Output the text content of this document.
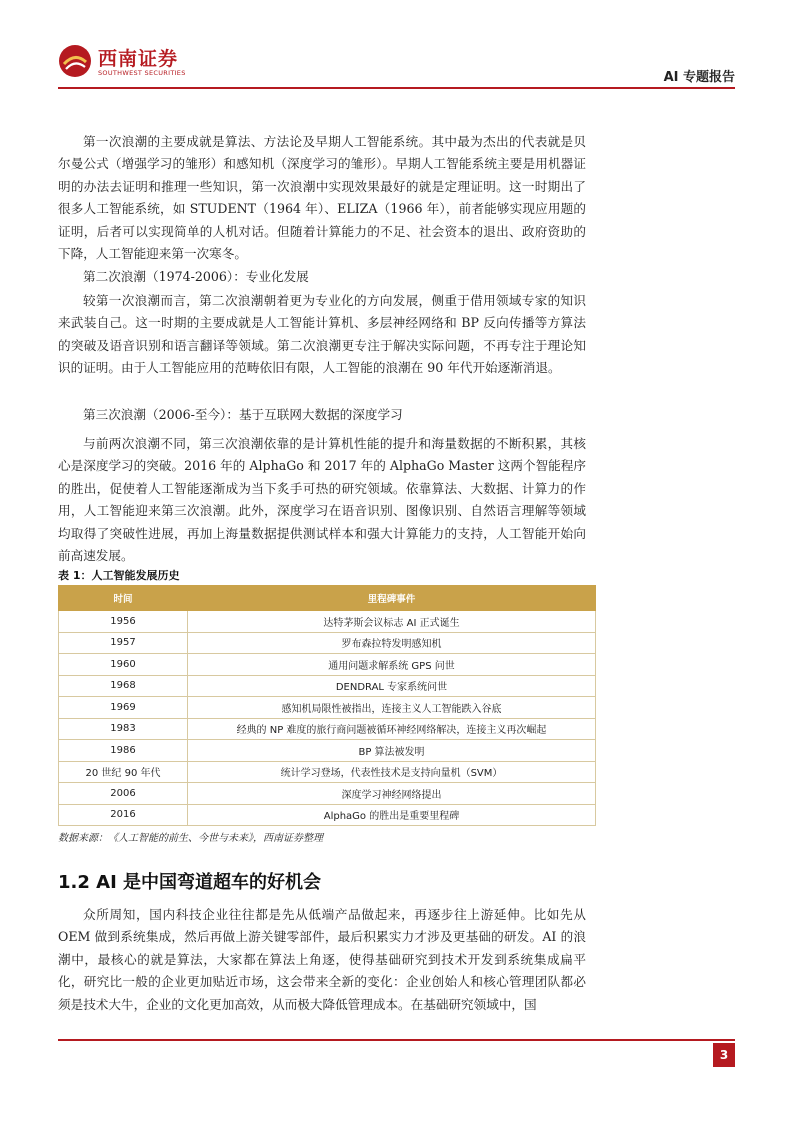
西南证券
SOUTHWEST SECURITIES	AI 专题报告

第一次浪潮的主要成就是算法、方法论及早期人工智能系统。其中最为杰出的代表就是贝尔曼公式（增强学习的雏形）和感知机（深度学习的雏形）。早期人工智能系统主要是用机器证明的办法去证明和推理一些知识，第一次浪潮中实现效果最好的就是定理证明。这一时期出了很多人工智能系统，如 STUDENT（1964 年）、ELIZA（1966 年），前者能够实现应用题的证明，后者可以实现简单的人机对话。但随着计算能力的不足、社会资本的退出、政府资助的下降，人工智能迎来第一次寒冬。

第二次浪潮（1974-2006）：专业化发展

较第一次浪潮而言，第二次浪潮朝着更为专业化的方向发展，侧重于借用领域专家的知识来武装自己。这一时期的主要成就是人工智能计算机、多层神经网络和 BP 反向传播等方算法的突破及语音识别和语言翻译等领域。第二次浪潮更专注于解决实际问题，不再专注于理论知识的证明。由于人工智能应用的范畴依旧有限，人工智能的浪潮在 90 年代开始逐渐消退。

第三次浪潮（2006-至今）：基于互联网大数据的深度学习

与前两次浪潮不同，第三次浪潮依靠的是计算机性能的提升和海量数据的不断积累，其核心是深度学习的突破。2016 年的 AlphaGo 和 2017 年的 AlphaGo Master 这两个智能程序的胜出，促使着人工智能逐渐成为当下炙手可热的研究领域。依靠算法、大数据、计算力的作用，人工智能迎来第三次浪潮。此外，深度学习在语音识别、图像识别、自然语言理解等领域均取得了突破性进展，再加上海量数据提供测试样本和强大计算能力的支持，人工智能开始向前高速发展。

表 1：人工智能发展历史
时间	里程碑事件
1956	达特茅斯会议标志 AI 正式诞生
1957	罗布森拉特发明感知机
1960	通用问题求解系统 GPS 问世
1968	DENDRAL 专家系统问世
1969	感知机局限性被指出，连接主义人工智能跌入谷底
1983	经典的 NP 难度的旅行商问题被循环神经网络解决，连接主义再次崛起
1986	BP 算法被发明
20 世纪 90 年代	统计学习登场，代表性技术是支持向量机（SVM）
2006	深度学习神经网络提出
2016	AlphaGo 的胜出是重要里程碑
数据来源：《人工智能的前生、今世与未来》，西南证券整理
1.2 AI 是中国弯道超车的好机会

众所周知，国内科技企业往往都是先从低端产品做起来，再逐步往上游延伸。比如先从 OEM 做到系统集成，然后再做上游关键零部件，最后积累实力才涉及更基础的研发。AI 的浪潮中，最核心的就是算法，大家都在算法上角逐，使得基础研究到技术开发到系统集成扁平化，研究比一般的企业更加贴近市场，这会带来全新的变化：企业创始人和核心管理团队都必须是技术大牛，企业的文化更加高效，从而极大降低管理成本。在基础研究领域中，国

3
